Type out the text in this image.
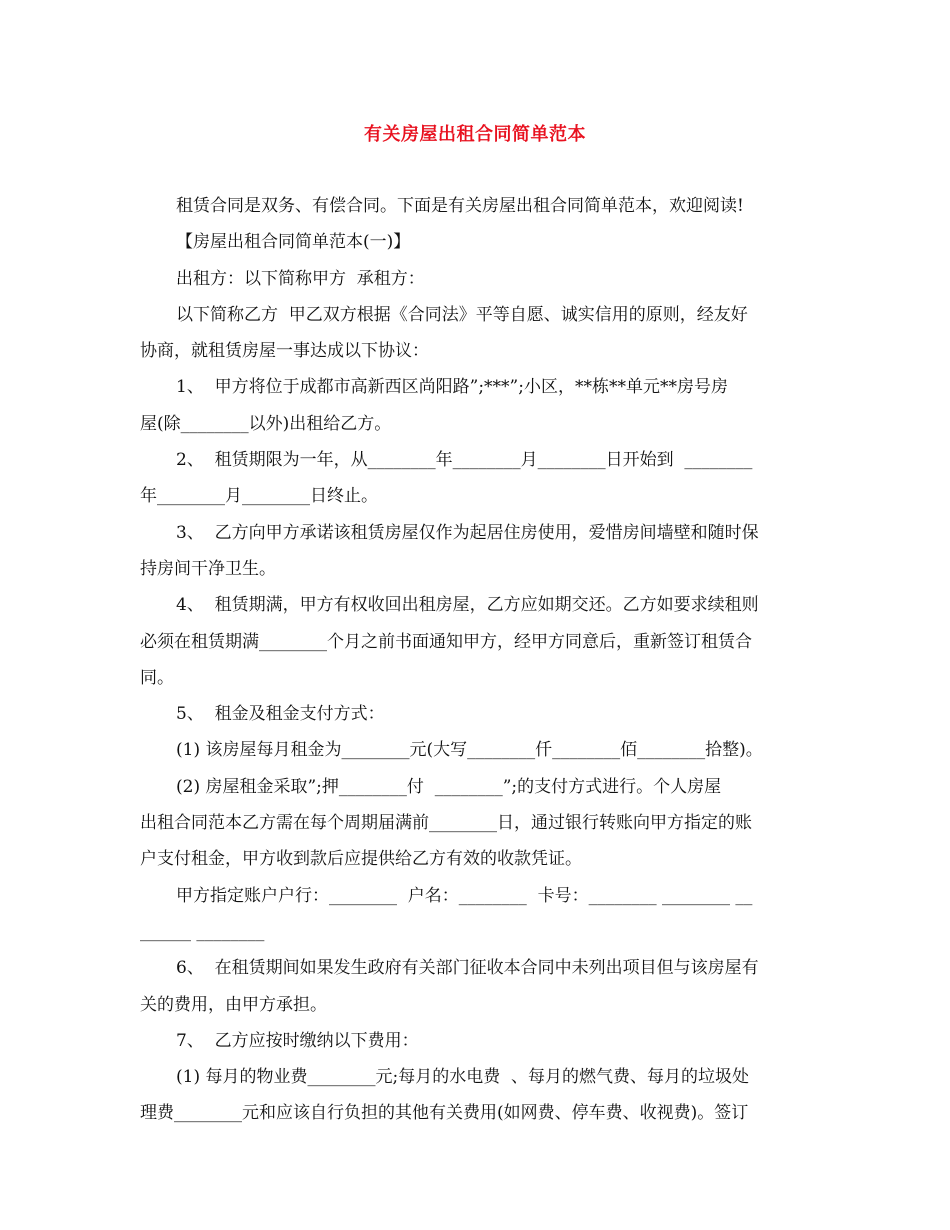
有关房屋出租合同简单范本
租赁合同是双务、有偿合同。下面是有关房屋出租合同简单范本，欢迎阅读!
【房屋出租合同简单范本(一)】
出租方：以下简称甲方  承租方：
以下简称乙方  甲乙双方根据《合同法》平等自愿、诚实信用的原则，经友好
协商，就租赁房屋一事达成以下协议：
1、  甲方将位于成都市高新西区尚阳路”;***”;小区，**栋**单元**房号房
屋(除________以外)出租给乙方。
2、  租赁期限为一年，从________年________月________日开始到  ________
年________月________日终止。
3、  乙方向甲方承诺该租赁房屋仅作为起居住房使用，爱惜房间墙壁和随时保
持房间干净卫生。
4、  租赁期满，甲方有权收回出租房屋，乙方应如期交还。乙方如要求续租则
必须在租赁期满________个月之前书面通知甲方，经甲方同意后，重新签订租赁合
同。
5、  租金及租金支付方式：
(1) 该房屋每月租金为________元(大写________仟________佰________拾整)。
(2) 房屋租金采取”;押________付  ________”;的支付方式进行。个人房屋
出租合同范本乙方需在每个周期届满前________日，通过银行转账向甲方指定的账
户支付租金，甲方收到款后应提供给乙方有效的收款凭证。
甲方指定账户户行：________  户名：________  卡号：________ ________ __
______ ________
6、  在租赁期间如果发生政府有关部门征收本合同中未列出项目但与该房屋有
关的费用，由甲方承担。
7、  乙方应按时缴纳以下费用：
(1) 每月的物业费________元;每月的水电费  、每月的燃气费、每月的垃圾处
理费________元和应该自行负担的其他有关费用(如网费、停车费、收视费)。签订
